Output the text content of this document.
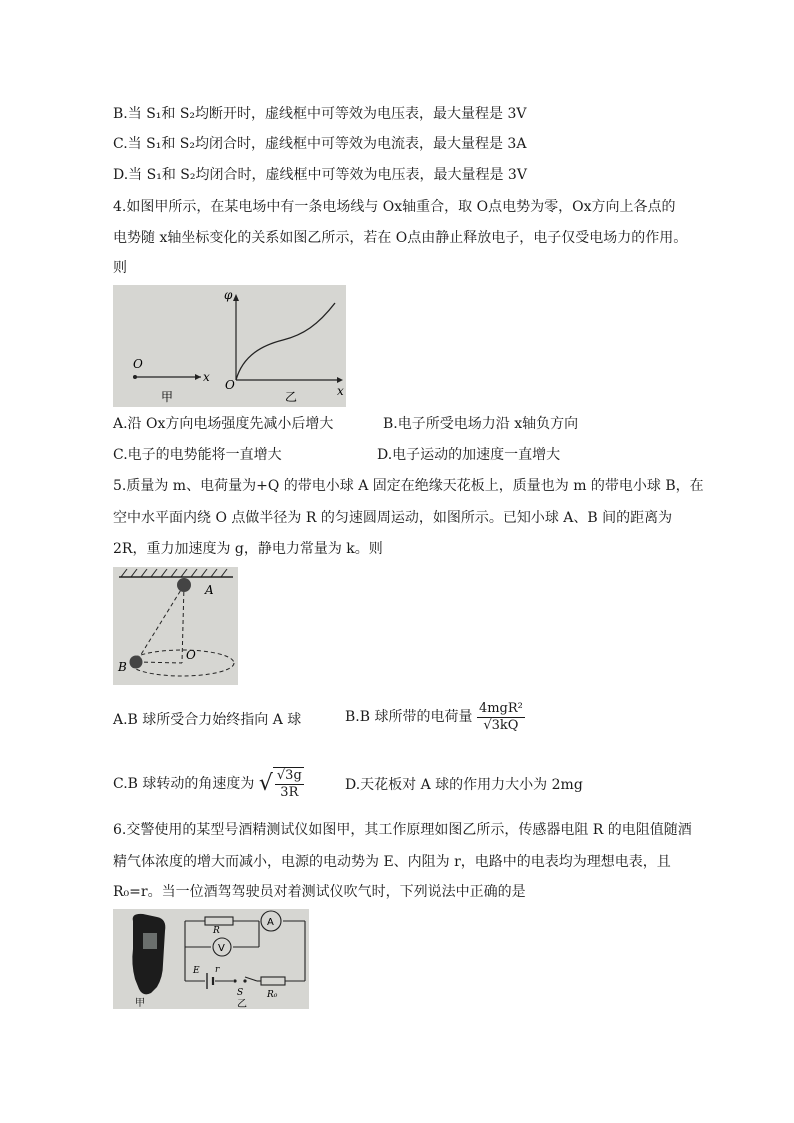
B.当 S₁和 S₂均断开时，虚线框中可等效为电压表，最大量程是 3V
C.当 S₁和 S₂均闭合时，虚线框中可等效为电流表，最大量程是 3A
D.当 S₁和 S₂均闭合时，虚线框中可等效为电压表，最大量程是 3V
4.如图甲所示，在某电场中有一条电场线与 Ox轴重合，取 O点电势为零，Ox方向上各点的
电势随 x轴坐标变化的关系如图乙所示，若在 O点由静止释放电子，电子仅受电场力的作用。
则
O
x
甲
O
φ
x
乙
A.沿 Ox方向电场强度先减小后增大	B.电子所受电场力沿 x轴负方向
C.电子的电势能将一直增大	D.电子运动的加速度一直增大
5.质量为 m、电荷量为+Q 的带电小球 A 固定在绝缘天花板上，质量也为 m 的带电小球 B，在
空中水平面内绕 O 点做半径为 R 的匀速圆周运动，如图所示。已知小球 A、B 间的距离为
2R，重力加速度为 g，静电力常量为 k。则
A
B
O
A.B 球所受合力始终指向 A 球	B.B 球所带的电荷量 $\frac{\text{4mgR²}}{√3kQ}$
C.B 球转动的角速度为 √ $\frac{√3g}{3R}$	D.天花板对 A 球的作用力大小为 2mg
6.交警使用的某型号酒精测试仪如图甲，其工作原理如图乙所示，传感器电阻 R 的电阻值随酒
精气体浓度的增大而减小，电源的电动势为 E、内阻为 r，电路中的电表均为理想电表，且
R₀=r。当一位酒驾驾驶员对着测试仪吹气时，下列说法中正确的是
甲
R
A
V
E r
S	R₀
乙
